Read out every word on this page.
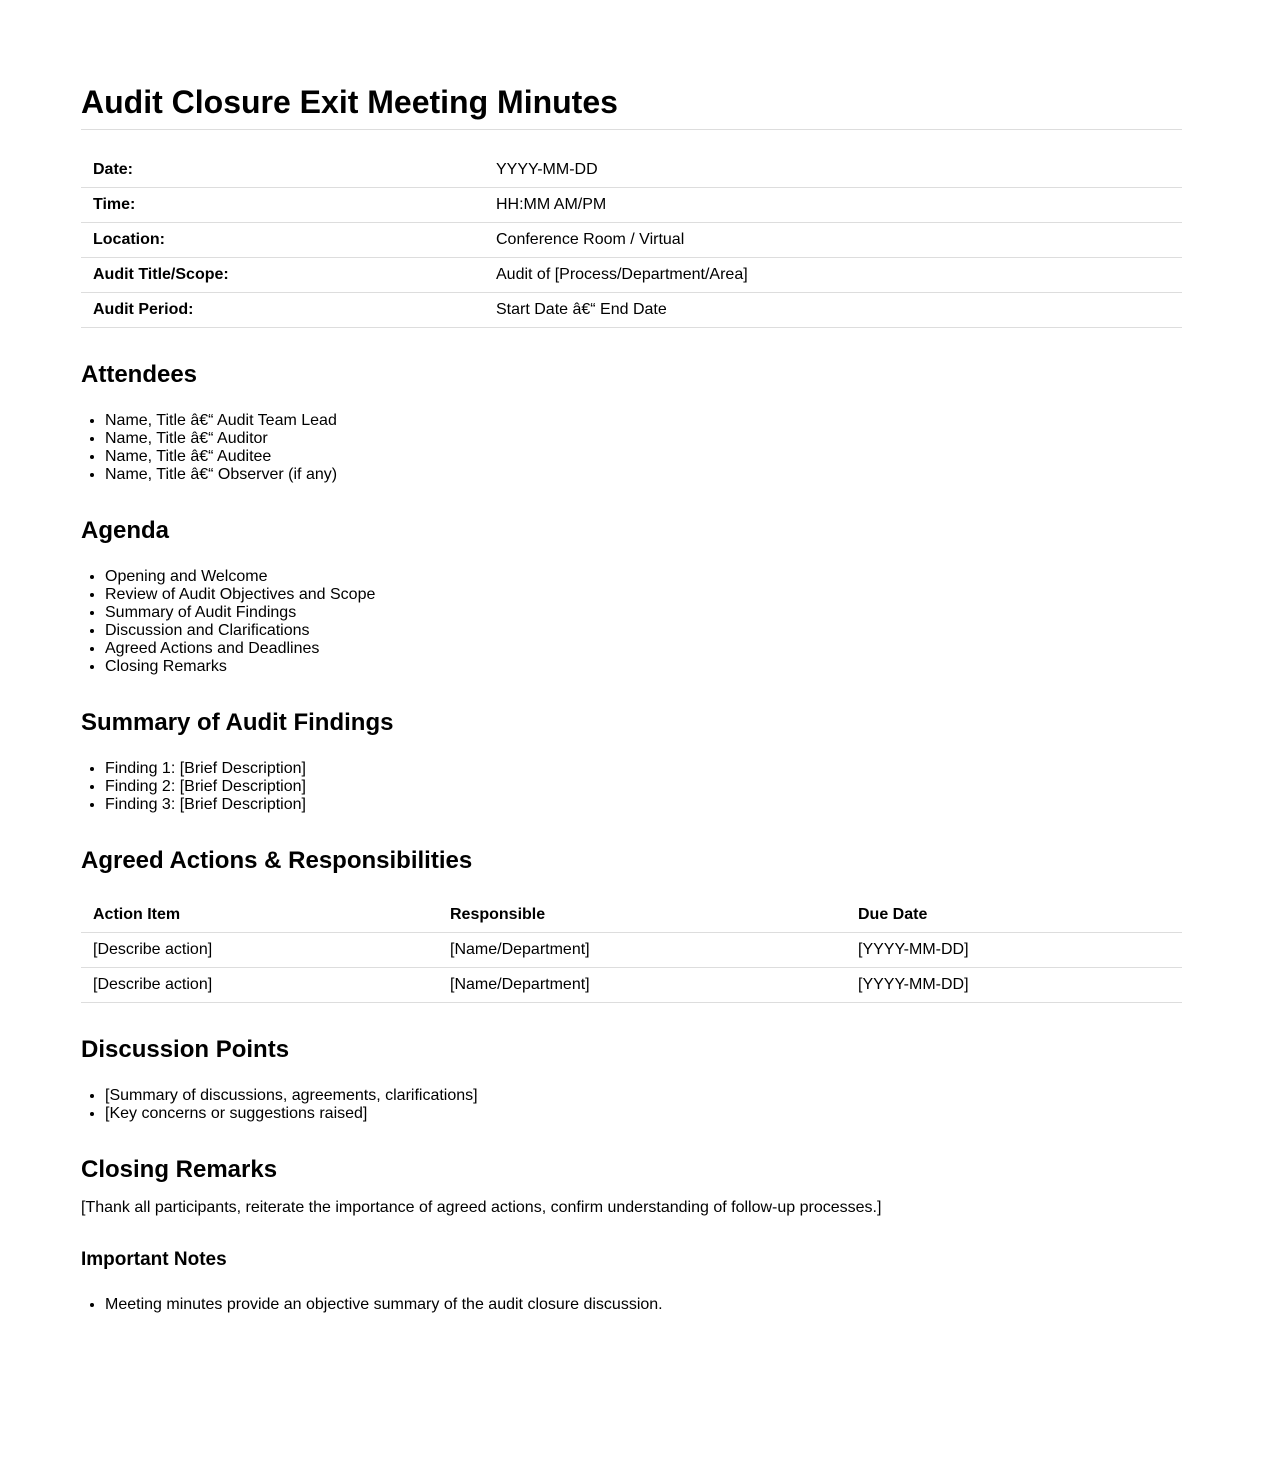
Audit Closure Exit Meeting Minutes
Date:	YYYY-MM-DD
Time:	HH:MM AM/PM
Location:	Conference Room / Virtual
Audit Title/Scope:	Audit of [Process/Department/Area]
Audit Period:	Start Date â€“ End Date
Attendees
• Name, Title â€“ Audit Team Lead
• Name, Title â€“ Auditor
• Name, Title â€“ Auditee
• Name, Title â€“ Observer (if any)
Agenda
• Opening and Welcome
• Review of Audit Objectives and Scope
• Summary of Audit Findings
• Discussion and Clarifications
• Agreed Actions and Deadlines
• Closing Remarks
Summary of Audit Findings
• Finding 1: [Brief Description]
• Finding 2: [Brief Description]
• Finding 3: [Brief Description]
Agreed Actions & Responsibilities
Action Item	Responsible	Due Date
[Describe action]	[Name/Department]	[YYYY-MM-DD]
[Describe action]	[Name/Department]	[YYYY-MM-DD]
Discussion Points
• [Summary of discussions, agreements, clarifications]
• [Key concerns or suggestions raised]
Closing Remarks

[Thank all participants, reiterate the importance of agreed actions, confirm understanding of follow-up processes.]

Important Notes
• Meeting minutes provide an objective summary of the audit closure discussion.
